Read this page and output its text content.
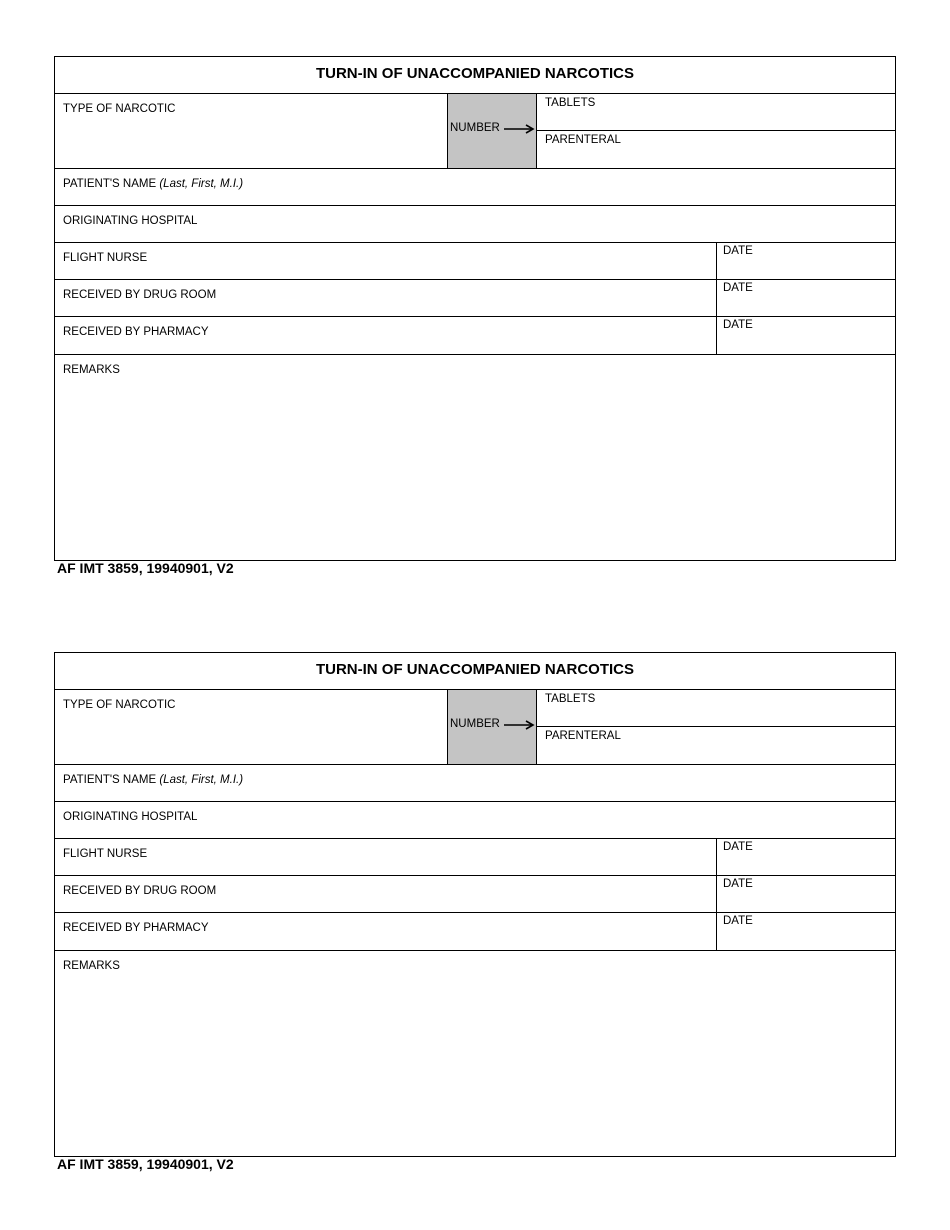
TURN-IN OF UNACCOMPANIED NARCOTICS
TYPE OF NARCOTIC
NUMBER
TABLETS
PARENTERAL
PATIENT'S NAME (Last, First, M.I.)
ORIGINATING HOSPITAL
FLIGHT NURSE
DATE
RECEIVED BY DRUG ROOM
DATE
RECEIVED BY PHARMACY
DATE
REMARKS
AF IMT 3859, 19940901, V2
TURN-IN OF UNACCOMPANIED NARCOTICS
TYPE OF NARCOTIC
NUMBER
TABLETS
PARENTERAL
PATIENT'S NAME (Last, First, M.I.)
ORIGINATING HOSPITAL
FLIGHT NURSE
DATE
RECEIVED BY DRUG ROOM
DATE
RECEIVED BY PHARMACY
DATE
REMARKS
AF IMT 3859, 19940901, V2
